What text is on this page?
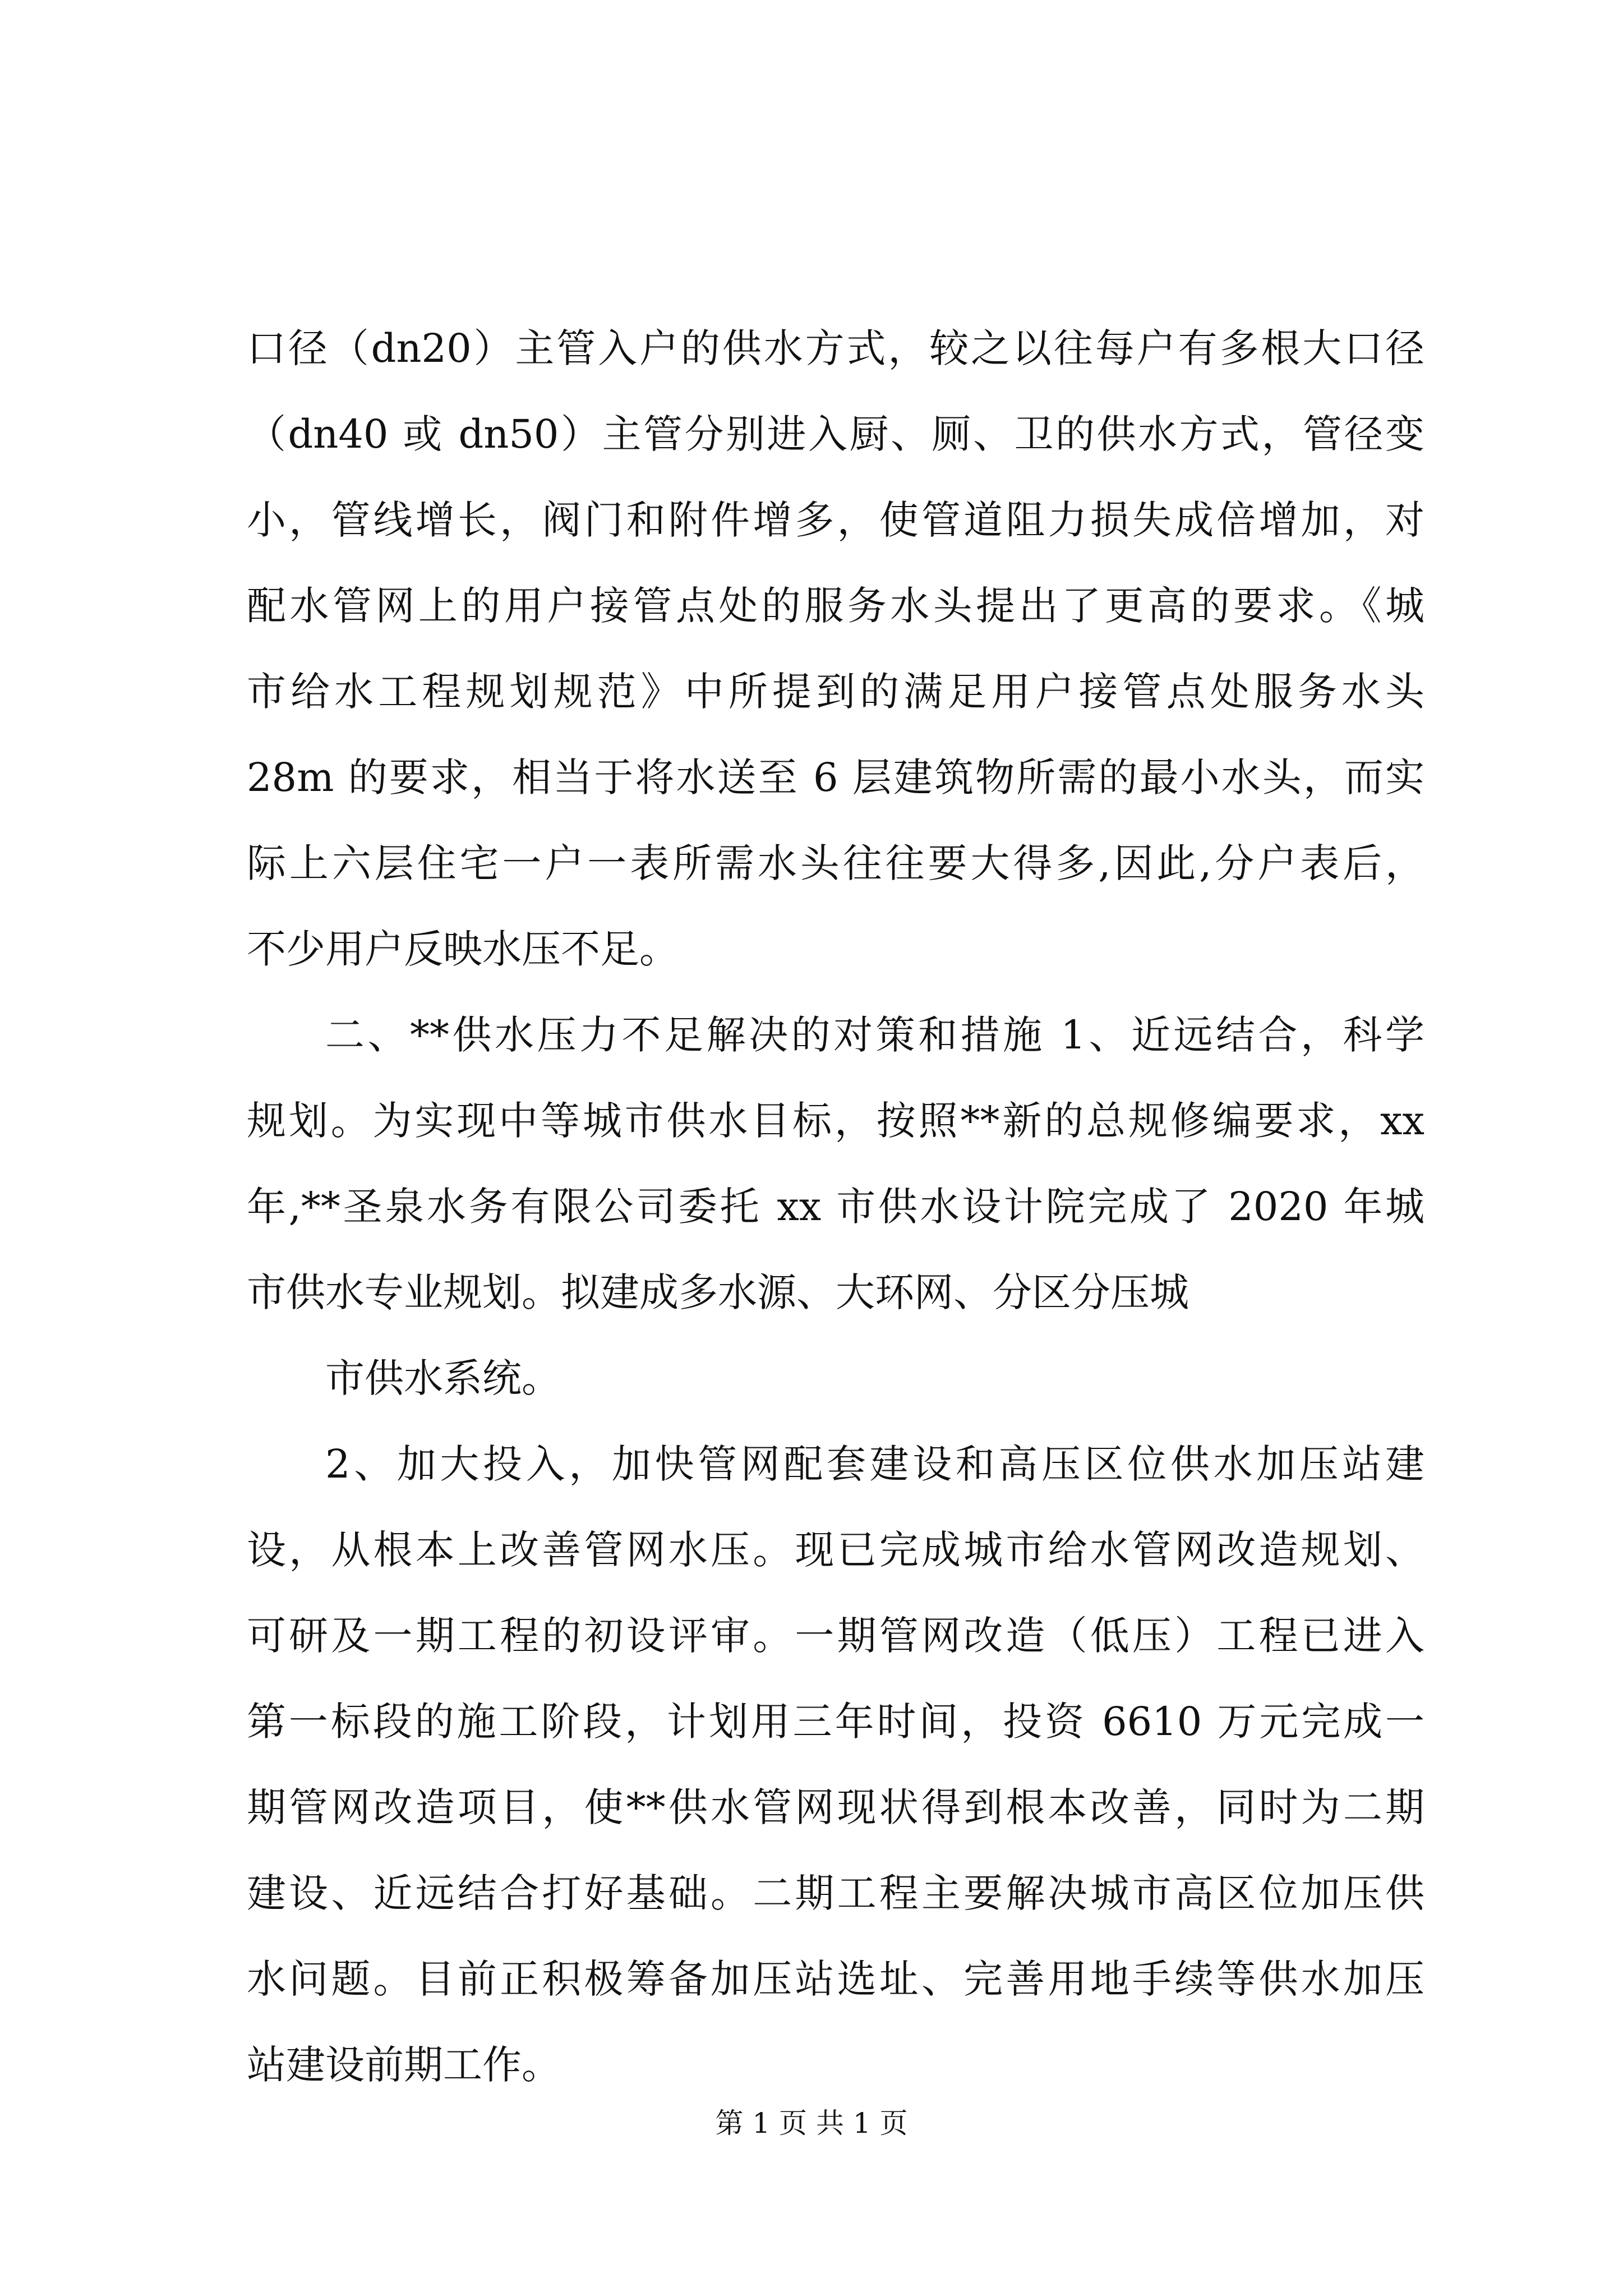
口径（dn20）主管入户的供水方式，较之以往每户有多根大口径
（dn40 或 dn50）主管分别进入厨、厕、卫的供水方式，管径变
小，管线增长，阀门和附件增多，使管道阻力损失成倍增加，对
配水管网上的用户接管点处的服务水头提出了更高的要求。《城
市给水工程规划规范》中所提到的满足用户接管点处服务水头
28m 的要求，相当于将水送至 6 层建筑物所需的最小水头，而实
际上六层住宅一户一表所需水头往往要大得多,因此,分户表后，
不少用户反映水压不足。
二、**供水压力不足解决的对策和措施 1、近远结合，科学
规划。为实现中等城市供水目标，按照**新的总规修编要求，xx
年,**圣泉水务有限公司委托 xx 市供水设计院完成了 2020 年城
市供水专业规划。拟建成多水源、大环网、分区分压城
市供水系统。
2、加大投入，加快管网配套建设和高压区位供水加压站建
设，从根本上改善管网水压。现已完成城市给水管网改造规划、
可研及一期工程的初设评审。一期管网改造（低压）工程已进入
第一标段的施工阶段，计划用三年时间，投资 6610 万元完成一
期管网改造项目，使**供水管网现状得到根本改善，同时为二期
建设、近远结合打好基础。二期工程主要解决城市高区位加压供
水问题。目前正积极筹备加压站选址、完善用地手续等供水加压
站建设前期工作。
第 1 页 共 1 页
